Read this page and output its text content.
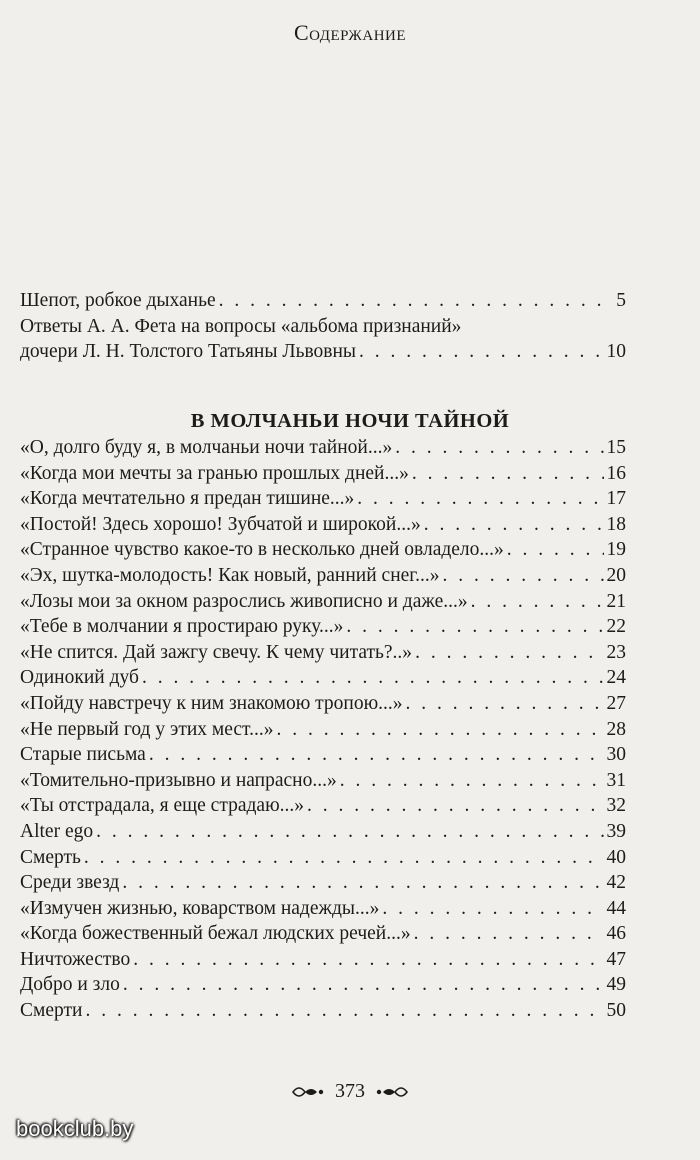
Содержание
Шепот, робкое дыханье . . .	5
Ответы А. А. Фета на вопросы «альбома признаний»
дочери Л. Н. Толстого Татьяны Львовны . . .	10
В МОЛЧАНЬИ НОЧИ ТАЙНОЙ
«О, долго буду я, в молчаньи ночи тайной...» . . .	15
«Когда мои мечты за гранью прошлых дней...» . . .	16
«Когда мечтательно я предан тишине...» . . .	17
«Постой! Здесь хорошо! Зубчатой и широкой...» . . .	18
«Странное чувство какое-то в несколько дней овладело...» . . .	19
«Эх, шутка-молодость! Как новый, ранний снег...» . . .	20
«Лозы мои за окном разрослись живописно и даже...» . . .	21
«Тебе в молчании я простираю руку...» . . .	22
«Не спится. Дай зажгу свечу. К чему читать?..» . . .	23
Одинокий дуб . . .	24
«Пойду навстречу к ним знакомою тропою...» . . .	27
«Не первый год у этих мест...» . . .	28
Старые письма . . .	30
«Томительно-призывно и напрасно...» . . .	31
«Ты отстрадала, я еще страдаю...» . . .	32
Alter ego . . .	39
Смерть . . .	40
Среди звезд . . .	42
«Измучен жизнью, коварством надежды...» . . .	44
«Когда божественный бежал людских речей...» . . .	46
Ничтожество . . .	47
Добро и зло . . .	49
Смерти . . .	50
373
bookclub.by
